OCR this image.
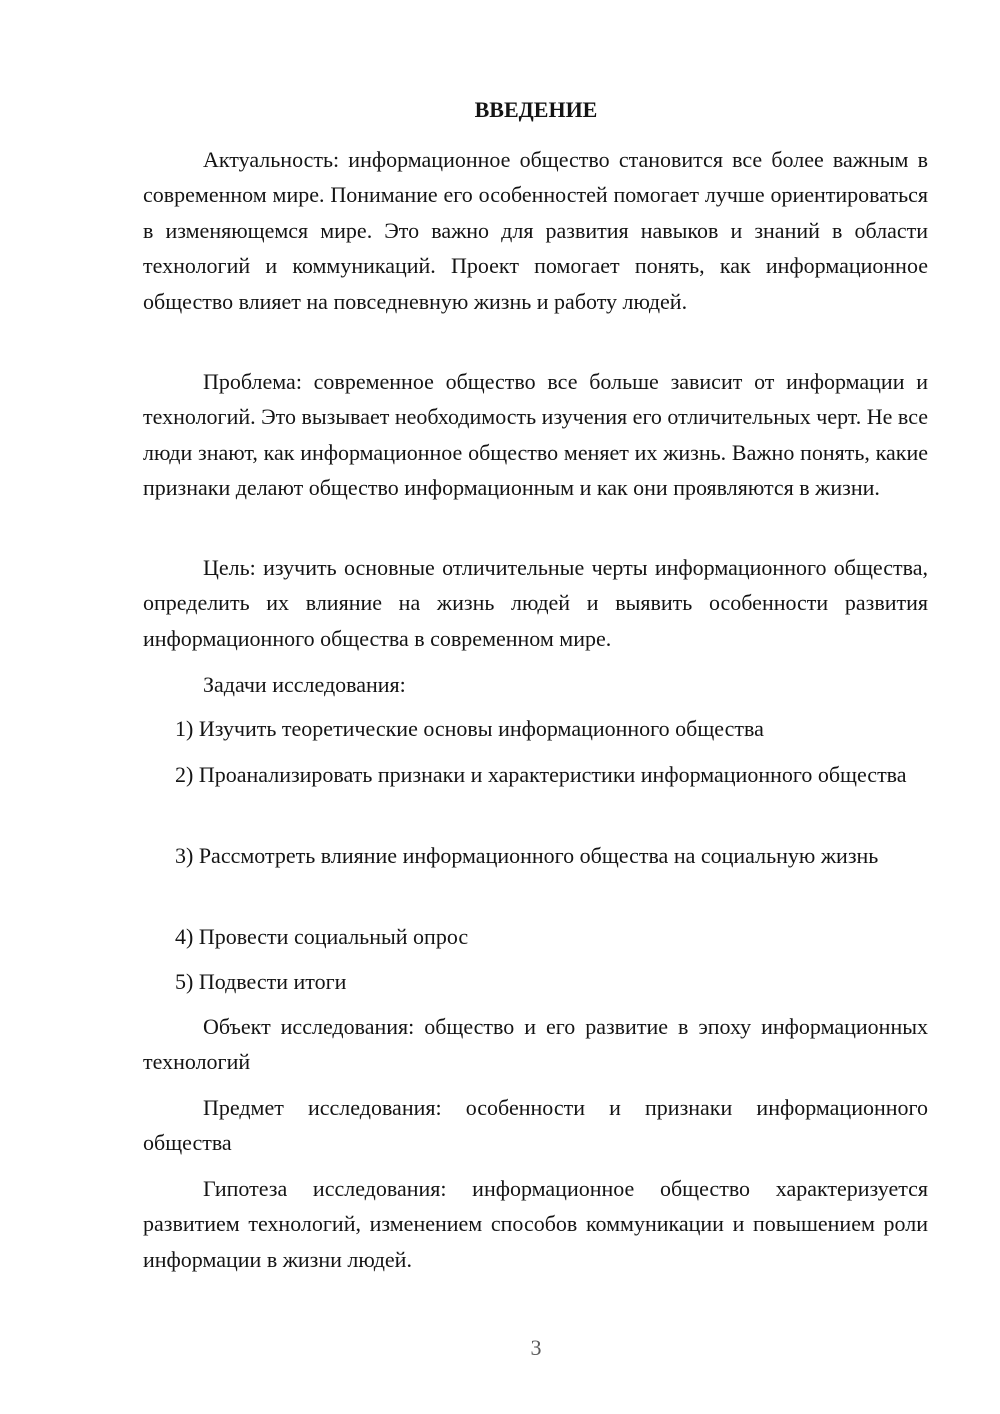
ВВЕДЕНИЕ

Актуальность: информационное общество становится все более важным в современном мире. Понимание его особенностей помогает лучше ориентироваться в изменяющемся мире. Это важно для развития навыков и знаний в области технологий и коммуникаций. Проект помогает понять, как информационное общество влияет на повседневную жизнь и работу людей.

Проблема: современное общество все больше зависит от информации и технологий. Это вызывает необходимость изучения его отличительных черт. Не все люди знают, как информационное общество меняет их жизнь. Важно понять, какие признаки делают общество информационным и как они проявляются в жизни.

Цель: изучить основные отличительные черты информационного общества, определить их влияние на жизнь людей и выявить особенности развития информационного общества в современном мире.

Задачи исследования:

1) Изучить теоретические основы информационного общества

2) Проанализировать признаки и характеристики информационного общества

3) Рассмотреть влияние информационного общества на социальную жизнь

4) Провести социальный опрос

5) Подвести итоги

Объект исследования: общество и его развитие в эпоху информационных технологий

Предмет исследования: особенности и признаки информационного общества

Гипотеза исследования: информационное общество характеризуется развитием технологий, изменением способов коммуникации и повышением роли информации в жизни людей.

3
